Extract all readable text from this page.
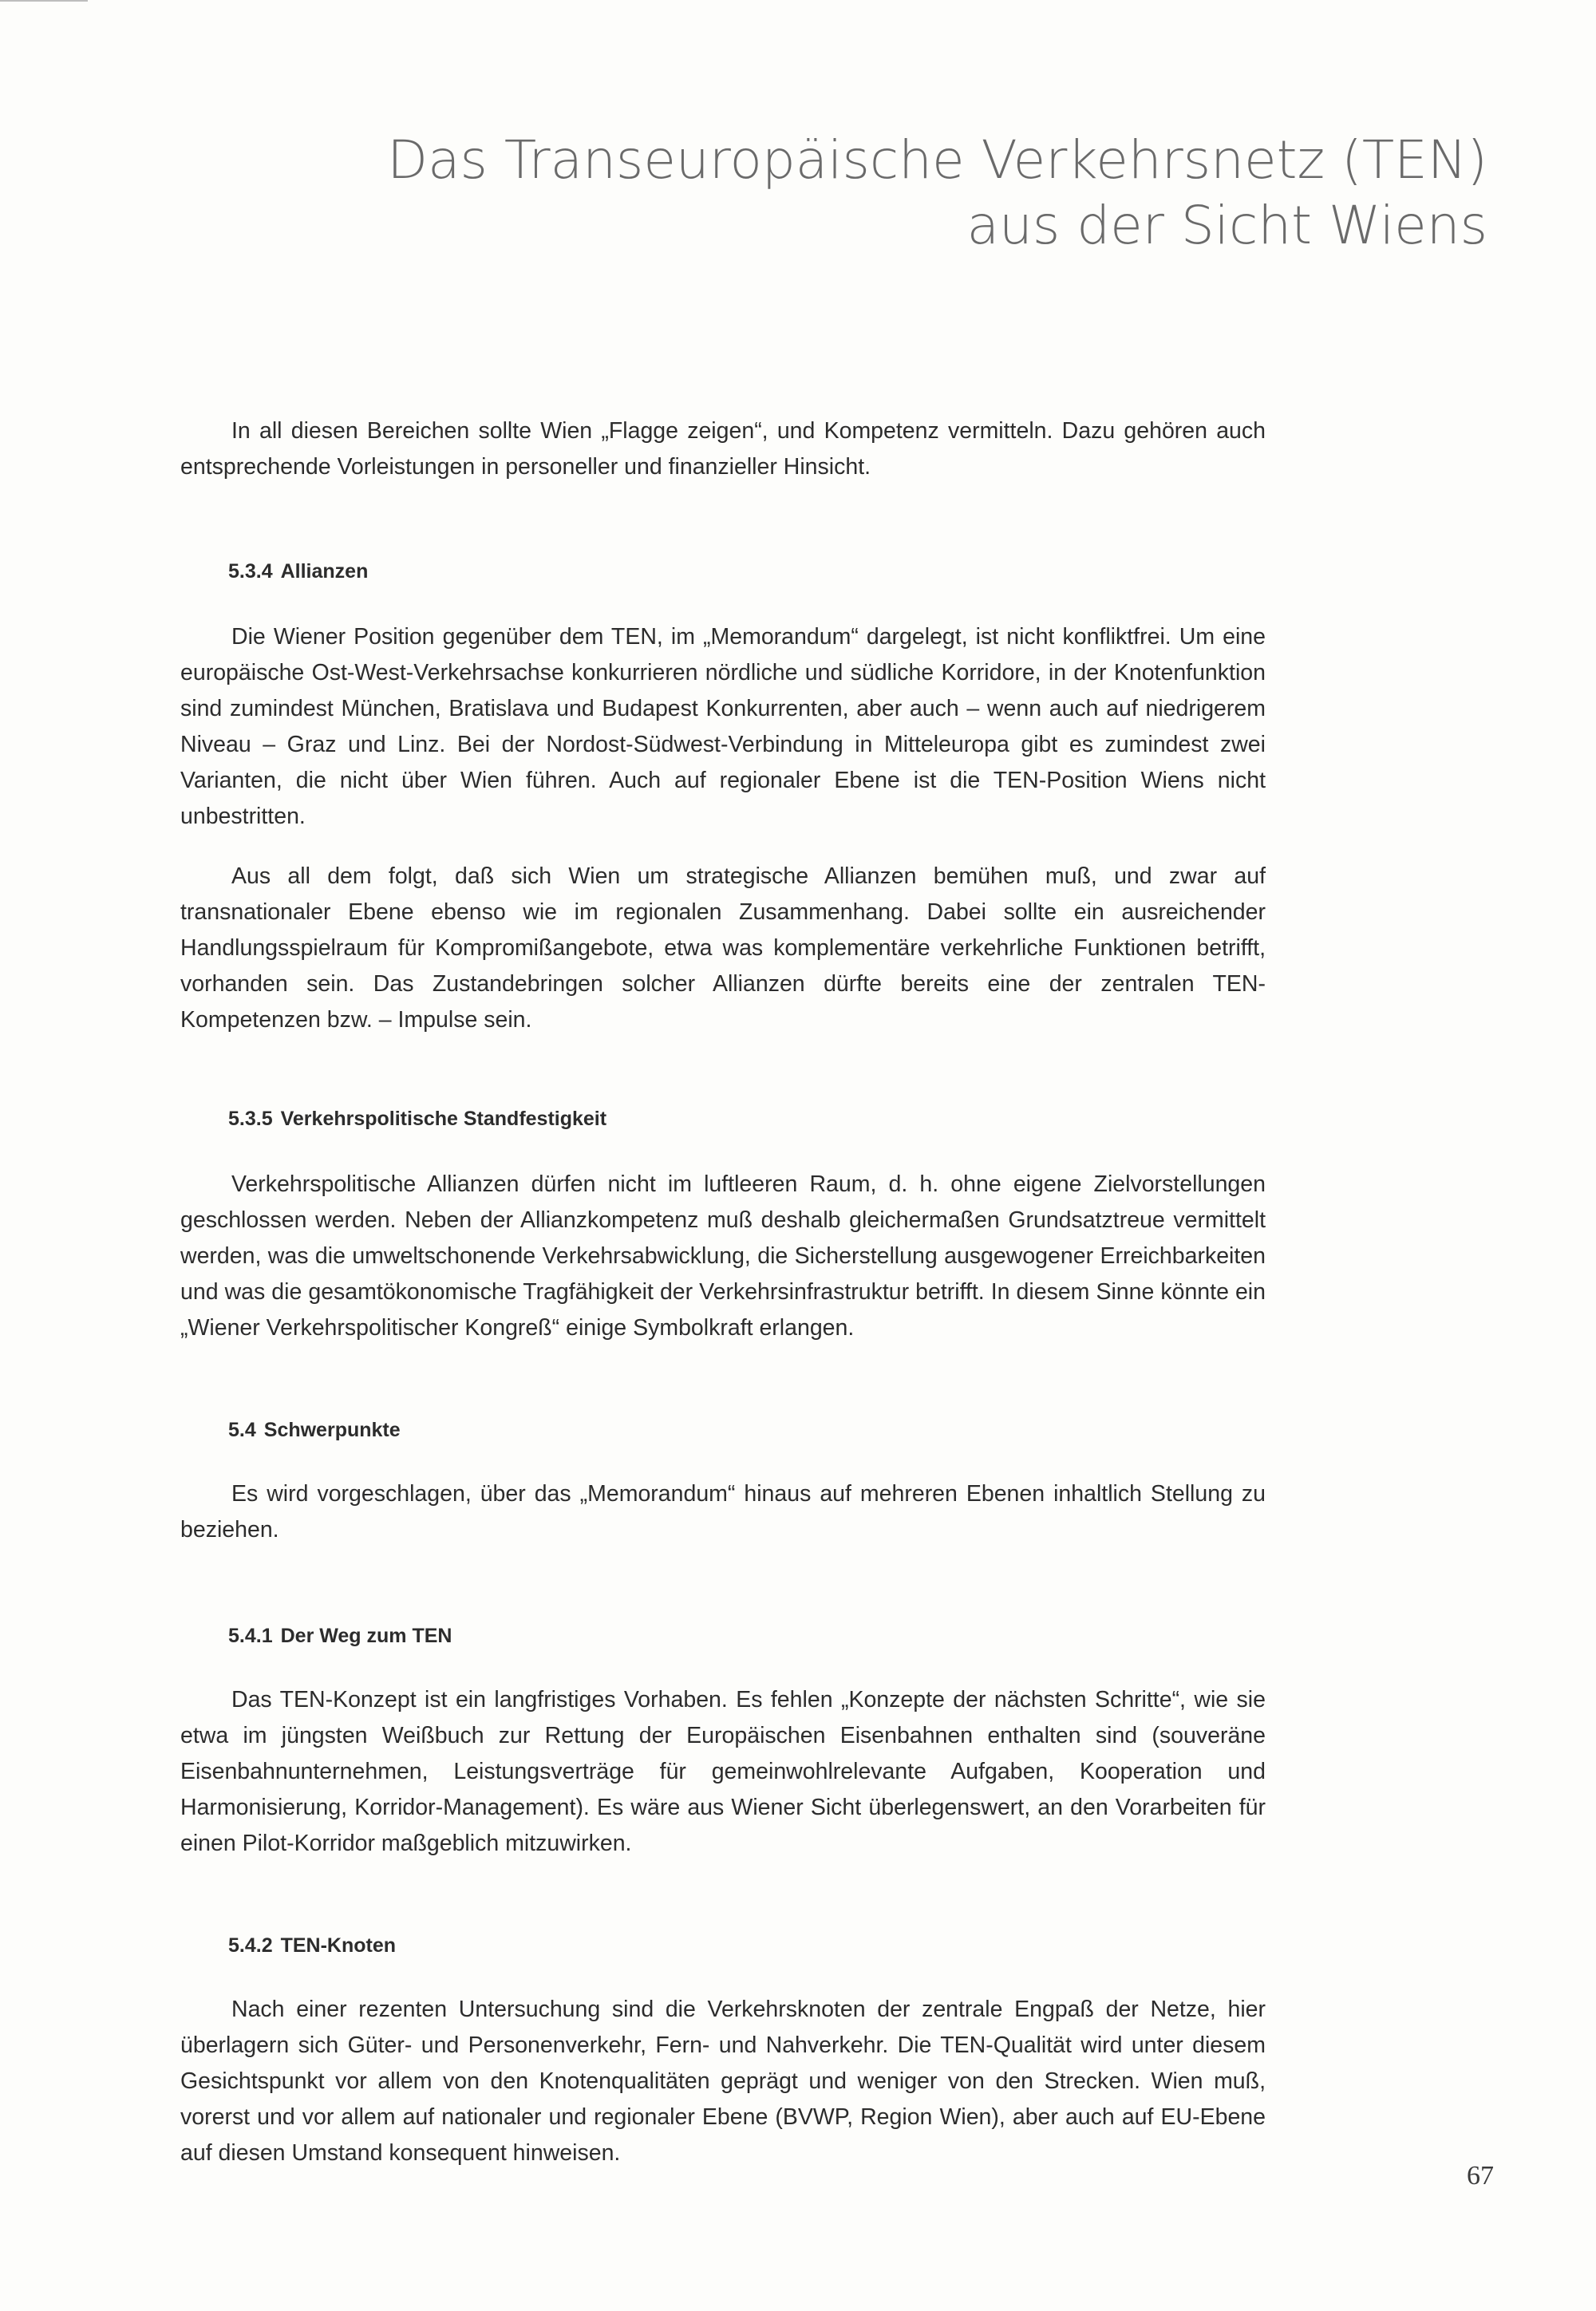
Das Transeuropäische Verkehrsnetz (TEN)
aus der Sicht Wiens

In all diesen Bereichen sollte Wien „Flagge zeigen“, und Kompetenz vermitteln. Dazu gehören auch entsprechende Vorleistungen in personeller und finanzieller Hinsicht.

5.3.4 Allianzen

Die Wiener Position gegenüber dem TEN, im „Memorandum“ dargelegt, ist nicht konfliktfrei. Um eine europäische Ost-West-Verkehrsachse konkurrieren nördliche und südliche Korridore, in der Knotenfunktion sind zumindest München, Bratislava und Budapest Konkurrenten, aber auch – wenn auch auf niedrigerem Niveau – Graz und Linz. Bei der Nordost-Südwest-Verbindung in Mitteleuropa gibt es zumindest zwei Varianten, die nicht über Wien führen. Auch auf regionaler Ebene ist die TEN-Position Wiens nicht unbestritten.

Aus all dem folgt, daß sich Wien um strategische Allianzen bemühen muß, und zwar auf transnationaler Ebene ebenso wie im regionalen Zusammenhang. Dabei sollte ein ausreichender Handlungsspielraum für Kompromißangebote, etwa was komplementäre verkehrliche Funktionen betrifft, vorhanden sein. Das Zustandebringen solcher Allianzen dürfte bereits eine der zentralen TEN-Kompetenzen bzw. – Impulse sein.

5.3.5 Verkehrspolitische Standfestigkeit

Verkehrspolitische Allianzen dürfen nicht im luftleeren Raum, d. h. ohne eigene Zielvorstellungen geschlossen werden. Neben der Allianzkompetenz muß deshalb gleichermaßen Grundsatztreue vermittelt werden, was die umweltschonende Verkehrsabwicklung, die Sicherstellung ausgewogener Erreichbarkeiten und was die gesamtökonomische Tragfähigkeit der Verkehrsinfrastruktur betrifft. In diesem Sinne könnte ein „Wiener Verkehrspolitischer Kongreß“ einige Symbolkraft erlangen.

5.4 Schwerpunkte

Es wird vorgeschlagen, über das „Memorandum“ hinaus auf mehreren Ebenen inhaltlich Stellung zu beziehen.

5.4.1 Der Weg zum TEN

Das TEN-Konzept ist ein langfristiges Vorhaben. Es fehlen „Konzepte der nächsten Schritte“, wie sie etwa im jüngsten Weißbuch zur Rettung der Europäischen Eisenbahnen enthalten sind (souveräne Eisenbahnunternehmen, Leistungsverträge für gemeinwohlrelevante Aufgaben, Kooperation und Harmonisierung, Korridor-Management). Es wäre aus Wiener Sicht überlegenswert, an den Vorarbeiten für einen Pilot-Korridor maßgeblich mitzuwirken.

5.4.2 TEN-Knoten

Nach einer rezenten Untersuchung sind die Verkehrsknoten der zentrale Engpaß der Netze, hier überlagern sich Güter- und Personenverkehr, Fern- und Nahverkehr. Die TEN-Qualität wird unter diesem Gesichtspunkt vor allem von den Knotenqualitäten geprägt und weniger von den Strecken. Wien muß, vorerst und vor allem auf nationaler und regionaler Ebene (BVWP, Region Wien), aber auch auf EU-Ebene auf diesen Umstand konsequent hinweisen.

67
